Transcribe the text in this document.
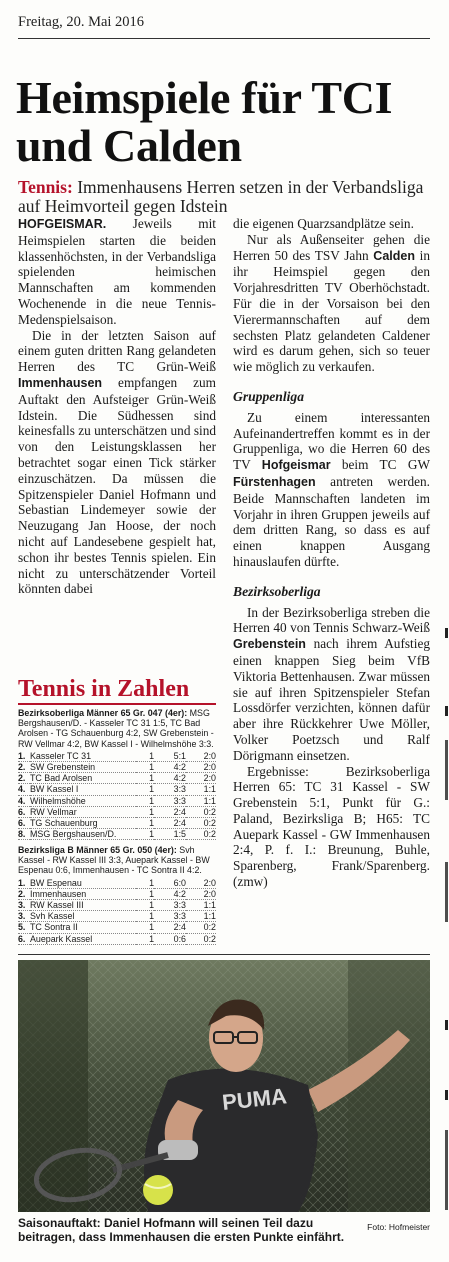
Freitag, 20. Mai 2016
Heimspiele für TCI und Calden
Tennis: Immenhausens Herren setzen in der Verbandsliga auf Heimvorteil gegen Idstein

HOFGEISMAR. Jeweils mit Heimspielen starten die beiden klassenhöchsten, in der Verbandsliga spielenden heimischen Mannschaften am kommenden Wochenende in die neue Tennis-Medenspielsaison.

Die in der letzten Saison auf einem guten dritten Rang gelandeten Herren des TC Grün-Weiß Immenhausen empfangen zum Auftakt den Aufsteiger Grün-Weiß Idstein. Die Südhessen sind keinesfalls zu unterschätzen und sind von den Leistungsklassen her betrachtet sogar einen Tick stärker einzuschätzen. Da müssen die Spitzenspieler Daniel Hofmann und Sebastian Lindemeyer sowie der Neuzugang Jan Hoose, der noch nicht auf Landesebene gespielt hat, schon ihr bestes Tennis spielen. Ein nicht zu unterschätzender Vorteil könnten dabei

die eigenen Quarzsandplätze sein.

Nur als Außenseiter gehen die Herren 50 des TSV Jahn Calden in ihr Heimspiel gegen den Vorjahresdritten TV Oberhöchstadt. Für die in der Vorsaison bei den Vierermannschaften auf dem sechsten Platz gelandeten Caldener wird es darum gehen, sich so teuer wie möglich zu verkaufen.

Gruppenliga

Zu einem interessanten Aufeinandertreffen kommt es in der Gruppenliga, wo die Herren 60 des TV Hofgeismar beim TC GW Fürstenhagen antreten werden. Beide Mannschaften landeten im Vorjahr in ihren Gruppen jeweils auf dem dritten Rang, so dass es auf einen knappen Ausgang hinauslaufen dürfte.

Bezirksoberliga

In der Bezirksoberliga streben die Herren 40 von Tennis Schwarz-Weiß Grebenstein nach ihrem Aufstieg einen knappen Sieg beim VfB Viktoria Bettenhausen. Zwar müssen sie auf ihren Spitzenspieler Stefan Lossdörfer verzichten, können dafür aber ihre Rückkehrer Uwe Möller, Volker Poetzsch und Ralf Dörigmann einsetzen.

Ergebnisse: Bezirksoberliga Herren 65: TC 31 Kassel - SW Grebenstein 5:1, Punkt für G.: Paland, Bezirksliga B; H65: TC Auepark Kassel - GW Immenhausen 2:4, P. f. I.: Breunung, Buhle, Sparenberg, Frank/Sparenberg. (zmw)

Tennis in Zahlen
Bezirksoberliga Männer 65 Gr. 047 (4er): MSG Bergshausen/D. - Kasseler TC 31 1:5, TC Bad Arolsen - TG Schauenburg 4:2, SW Grebenstein - RW Vellmar 4:2, BW Kassel I - Wilhelmshöhe 3:3.
1.	Kasseler TC 31	1	5:1	2:0
2.	SW Grebenstein	1	4:2	2:0
2.	TC Bad Arolsen	1	4:2	2:0
4.	BW Kassel I	1	3:3	1:1
4.	Wilhelmshöhe	1	3:3	1:1
6.	RW Vellmar	1	2:4	0:2
6.	TG Schauenburg	1	2:4	0:2
8.	MSG Bergshausen/D.	1	1:5	0:2
Bezirksliga B Männer 65 Gr. 050 (4er): Svh Kassel - RW Kassel III 3:3, Auepark Kassel - BW Espenau 0:6, Immenhausen - TC Sontra II 4:2.
1.	BW Espenau	1	6:0	2:0
2.	Immenhausen	1	4:2	2:0
3.	RW Kassel III	1	3:3	1:1
3.	Svh Kassel	1	3:3	1:1
5.	TC Sontra II	1	2:4	0:2
6.	Auepark Kassel	1	0:6	0:2
PUMA
Foto: Hofmeister
Saisonauftakt: Daniel Hofmann will seinen Teil dazu beitragen, dass Immenhausen die ersten Punkte einfährt.
